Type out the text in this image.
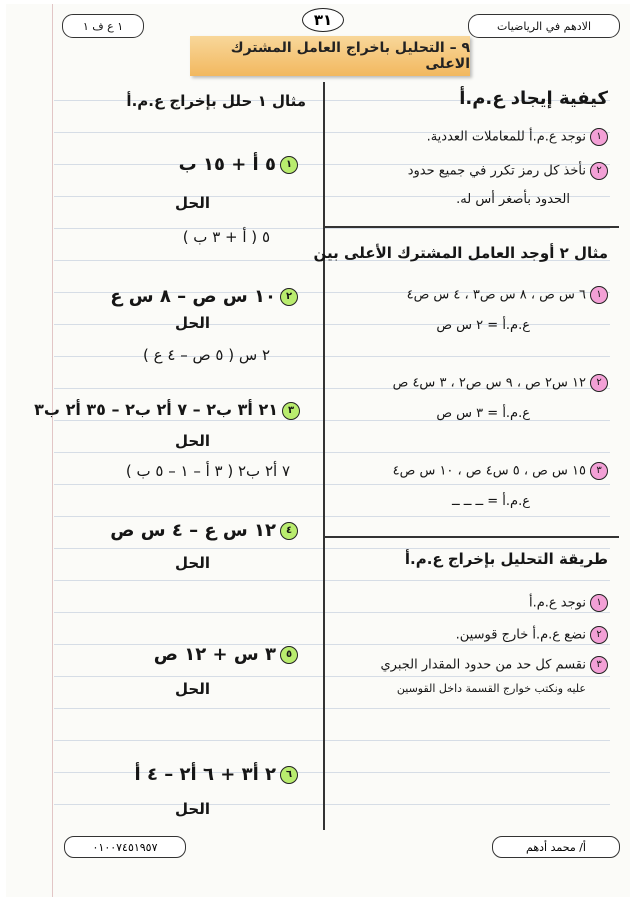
الادهم في الرياضيات
١ ع ف ١	٣١
٩ – التحليل باخراج العامل المشترك الاعلى
كيفية إيجاد ع.م.أ
١نوجد ع.م.أ للمعاملات العددية.
٢نأخذ كل رمز تكرر في جميع حدود
الحدود بأصغر أس له.
مثال ٢ أوجد العامل المشترك الأعلى بين
١٦ س ص ، ٨ س ص٣ ، ٤ س ص٤
ع.م.أ = ٢ س ص
٢١٢ س٢ ص ، ٩ س ص٢ ، ٣ س٤ ص
ع.م.أ = ٣ س ص
٣١٥ س ص ، ٥ س٤ ص ، ١٠ س ص٤
ع.م.أ = ــ ــ ــ
طريقة التحليل بإخراج ع.م.أ
١نوجد ع.م.أ
٢نضع ع.م.أ خارج قوسين.
٣نقسم كل حد من حدود المقدار الجبري
عليه ونكتب خوارج القسمة داخل القوسين
مثال ١ حلل بإخراج ع.م.أ
١٥ أ + ١٥ ب
الحل
٥ ( أ + ٣ ب )
٢١٠ س ص – ٨ س ع
الحل
٢ س ( ٥ ص – ٤ ع )
٣٢١ أ٣ ب٢ – ٧ أ٢ ب٢ – ٣٥ أ٢ ب٣
الحل
٧ أ٢ ب٢ ( ٣ أ – ١ – ٥ ب )
٤١٢ س ع – ٤ س ص
الحل
٥٣ س + ١٢ ص
الحل
٦٢ أ٣ + ٦ أ٢ – ٤ أ
الحل
٠١٠٠٧٤٥١٩٥٧	أ/ محمد أدهم
